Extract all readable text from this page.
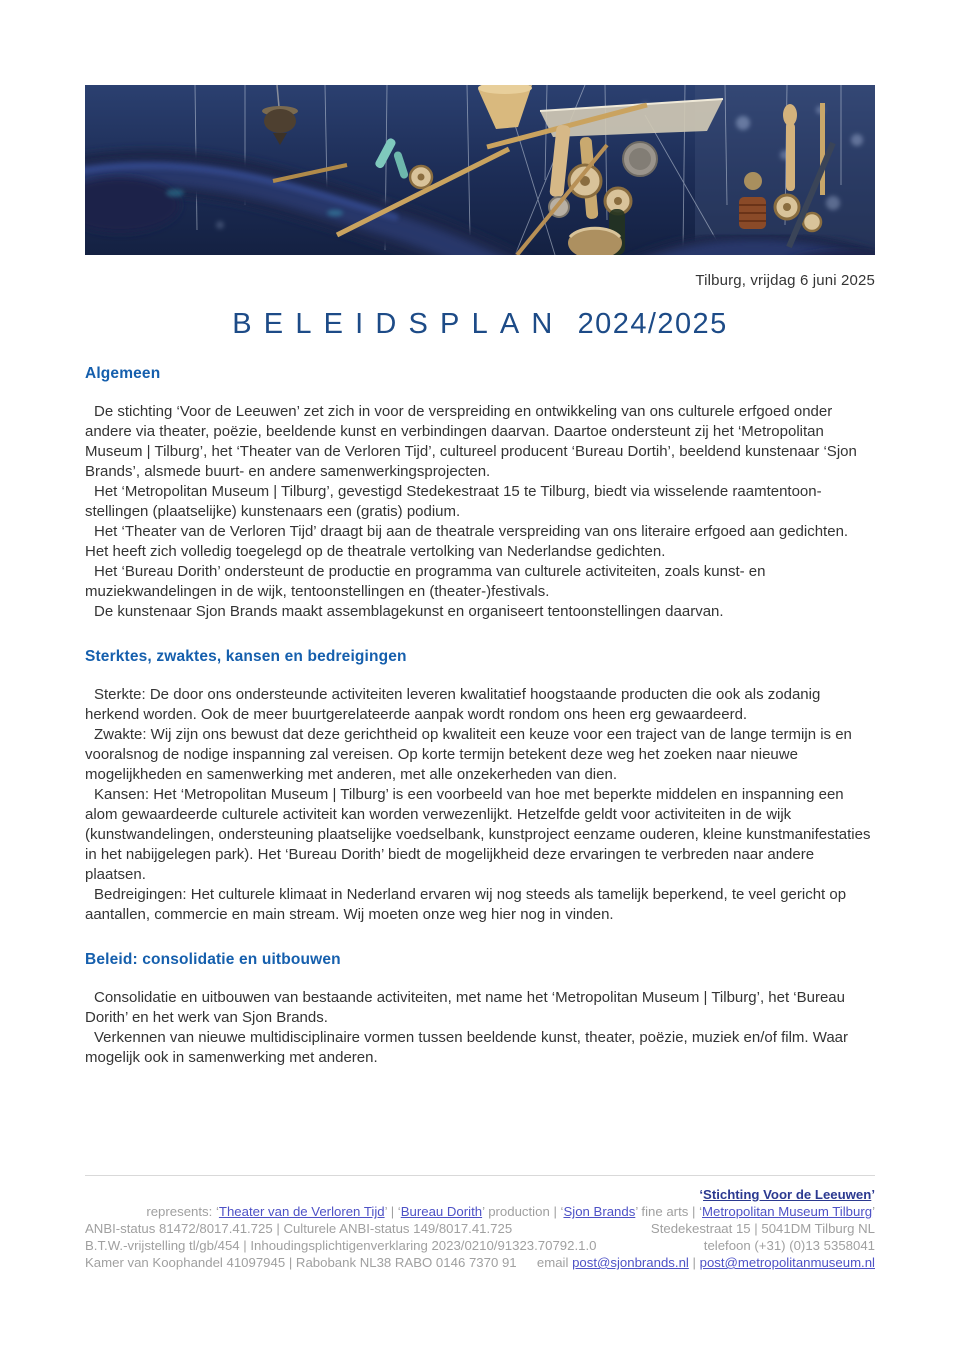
Tilburg, vrijdag 6 juni 2025
BELEIDSPLAN 2024/2025
Algemeen

De stichting ‘Voor de Leeuwen’ zet zich in voor de verspreiding en ontwikkeling van ons culturele erfgoed onder andere via theater, poëzie, beeldende kunst en verbindingen daarvan. Daartoe ondersteunt zij het ‘Metropolitan Museum | Tilburg’, het ‘Theater van de Verloren Tijd’, cultureel producent ‘Bureau Dortih’, beeldend kunstenaar ‘Sjon Brands’, alsmede buurt- en andere samenwerkingsprojecten.

Het ‘Metropolitan Museum | Tilburg’, gevestigd Stedekestraat 15 te Tilburg, biedt via wisselende raamtentoonstellingen (plaatselijke) kunstenaars een (gratis) podium.

Het ‘Theater van de Verloren Tijd’ draagt bij aan de theatrale verspreiding van ons literaire erfgoed aan gedichten. Het heeft zich volledig toegelegd op de theatrale vertolking van Nederlandse gedichten.

Het ‘Bureau Dorith’ ondersteunt de productie en programma van culturele activiteiten, zoals kunst- en muziekwandelingen in de wijk, tentoonstellingen en (theater-)festivals.

De kunstenaar Sjon Brands maakt assemblagekunst en organiseert tentoonstellingen daarvan.

Sterktes, zwaktes, kansen en bedreigingen

Sterkte: De door ons ondersteunde activiteiten leveren kwalitatief hoogstaande producten die ook als zodanig herkend worden. Ook de meer buurtgerelateerde aanpak wordt rondom ons heen erg gewaardeerd.

Zwakte: Wij zijn ons bewust dat deze gerichtheid op kwaliteit een keuze voor een traject van de lange termijn is en vooralsnog de nodige inspanning zal vereisen. Op korte termijn betekent deze weg het zoeken naar nieuwe mogelijkheden en samenwerking met anderen, met alle onzekerheden van dien.

Kansen: Het ‘Metropolitan Museum | Tilburg’ is een voorbeeld van hoe met beperkte middelen en inspanning een alom gewaardeerde culturele activiteit kan worden verwezenlijkt. Hetzelfde geldt voor activiteiten in de wijk (kunstwandelingen, ondersteuning plaatselijke voedselbank, kunstproject eenzame ouderen, kleine kunstmanifestaties in het nabijgelegen park). Het ‘Bureau Dorith’ biedt de mogelijkheid deze ervaringen te verbreden naar andere plaatsen.

Bedreigingen: Het culturele klimaat in Nederland ervaren wij nog steeds als tamelijk beperkend, te veel gericht op aantallen, commercie en main stream. Wij moeten onze weg hier nog in vinden.

Beleid: consolidatie en uitbouwen

Consolidatie en uitbouwen van bestaande activiteiten, met name het ‘Metropolitan Museum | Tilburg’, het ‘Bureau Dorith’ en het werk van Sjon Brands.

Verkennen van nieuwe multidisciplinaire vormen tussen beeldende kunst, theater, poëzie, muziek en/of film. Waar mogelijk ook in samenwerking met anderen.

‘Stichting Voor de Leeuwen’
represents: ‘Theater van de Verloren Tijd’ | ‘Bureau Dorith’ production | ‘Sjon Brands’ fine arts | ‘Metropolitan Museum Tilburg’
ANBI-status 81472/8017.41.725 | Culturele ANBI-status 149/8017.41.725	Stedekestraat 15 | 5041DM Tilburg NL
B.T.W.-vrijstelling tl/gb/454 | Inhoudingsplichtigenverklaring 2023/0210/91323.70792.1.0	telefoon (+31) (0)13 5358041
Kamer van Koophandel 41097945 | Rabobank NL38 RABO 0146 7370 91 email post@sjonbrands.nl | post@metropolitanmuseum.nl
